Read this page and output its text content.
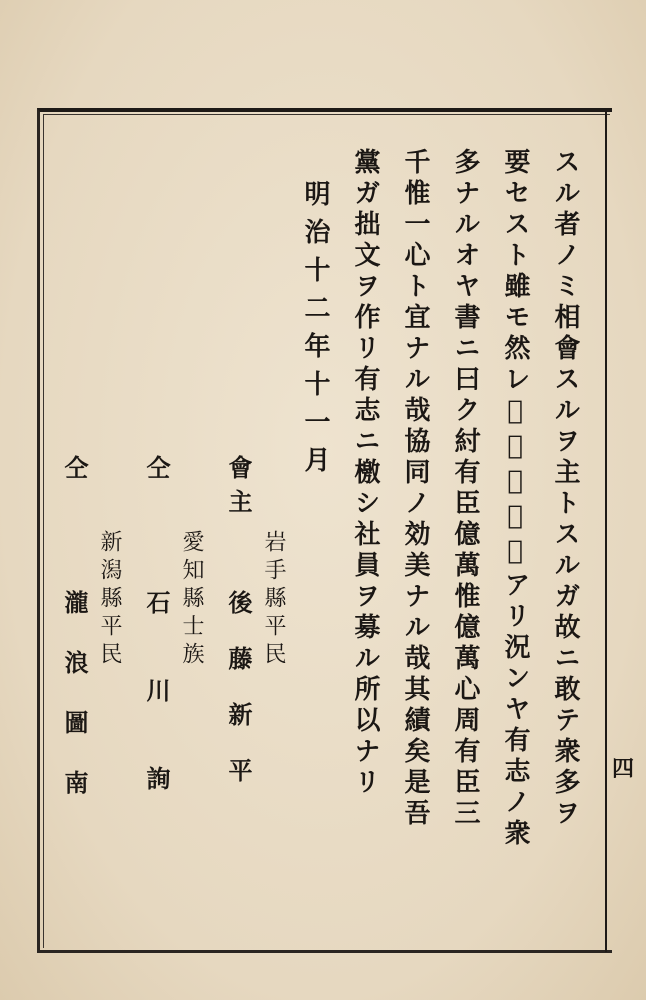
スル者ノミ相會スルヲ主トスルガ故ニ敢テ衆多ヲ
要セスト雖モ然レ𪜈三人尚師アリ況ンヤ有志ノ衆
多ナルオヤ書ニ曰ク紂有臣億萬惟億萬心周有臣三
千惟一心ト宜ナル哉協同ノ効美ナル哉其績矣是吾
黨ガ拙文ヲ作リ有志ニ檄シ社員ヲ募ル所以ナリ
明治十二年十一月
會主
岩手縣平民
後藤新平
仝
愛知縣士族
石川詢
仝
新潟縣平民
瀧浪圖南	四
